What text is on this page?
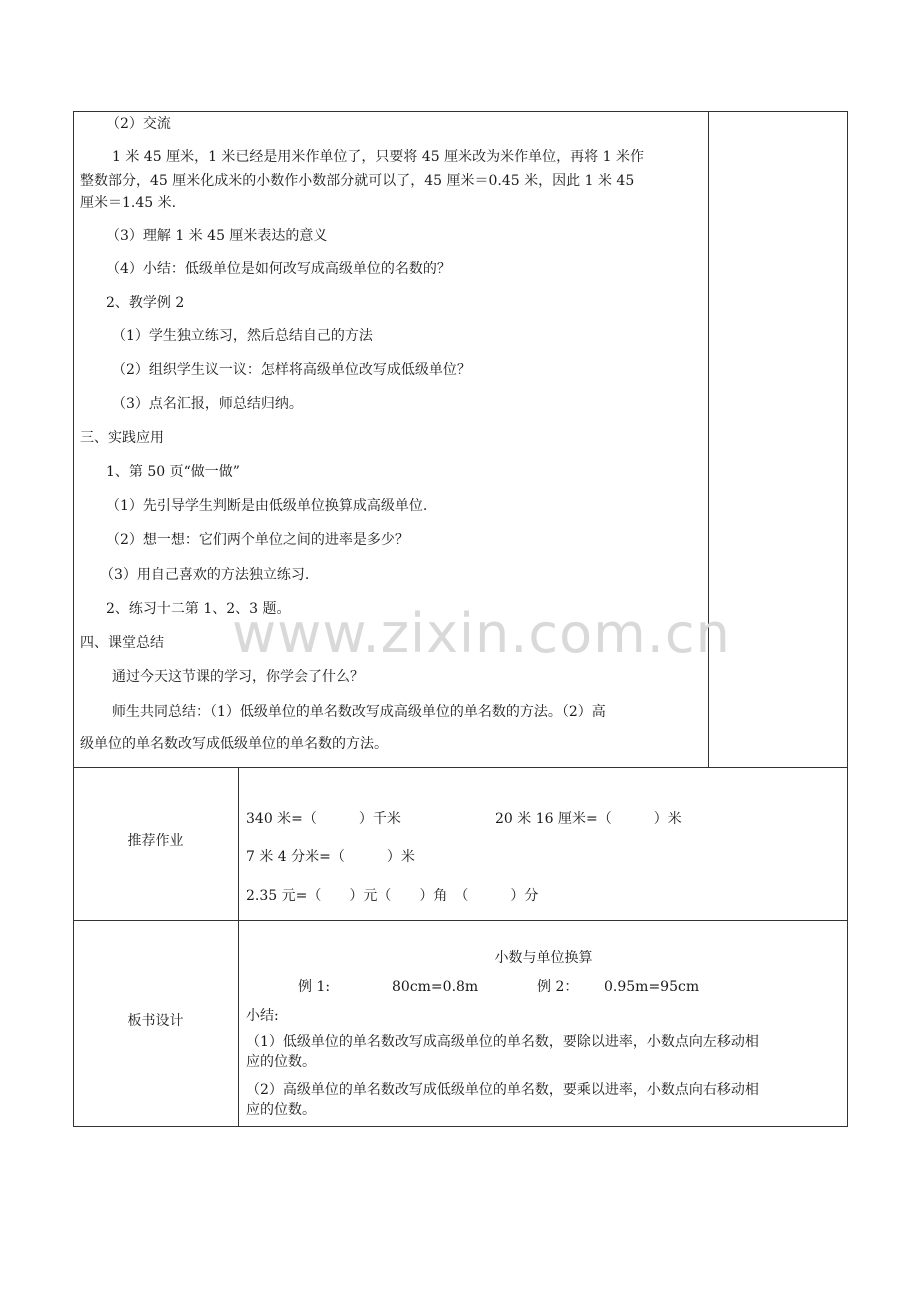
（2）交流
1 米 45 厘米，1 米已经是用米作单位了，只要将 45 厘米改为米作单位，再将 1 米作
整数部分，45 厘米化成米的小数作小数部分就可以了，45 厘米＝0.45 米，因此 1 米 45
厘米＝1.45 米.
（3）理解 1 米 45 厘米表达的意义
（4）小结：低级单位是如何改写成高级单位的名数的？
2、教学例 2
（1）学生独立练习，然后总结自己的方法
（2）组织学生议一议：怎样将高级单位改写成低级单位？
（3）点名汇报，师总结归纳。
三、实践应用
1、第 50 页“做一做”
（1）先引导学生判断是由低级单位换算成高级单位.
（2）想一想：它们两个单位之间的进率是多少？
（3）用自己喜欢的方法独立练习.
2、练习十二第 1、2、3 题。
四、课堂总结
通过今天这节课的学习，你学会了什么？
师生共同总结：（1）低级单位的单名数改写成高级单位的单名数的方法。（2）高
级单位的单名数改写成低级单位的单名数的方法。
推荐作业
340 米=（　　　）千米	20 米 16 厘米=（　　　）米
7 米 4 分米=（　　　）米
2.35 元=（　　）元（　　）角　（　　　）分
板书设计
小数与单位换算
例 1:	80cm=0.8m	例 2： 0.95m=95cm
小结:
（1）低级单位的单名数改写成高级单位的单名数，要除以进率，小数点向左移动相
应的位数。
（2）高级单位的单名数改写成低级单位的单名数，要乘以进率，小数点向右移动相
应的位数。
www.zixin.com.cn
